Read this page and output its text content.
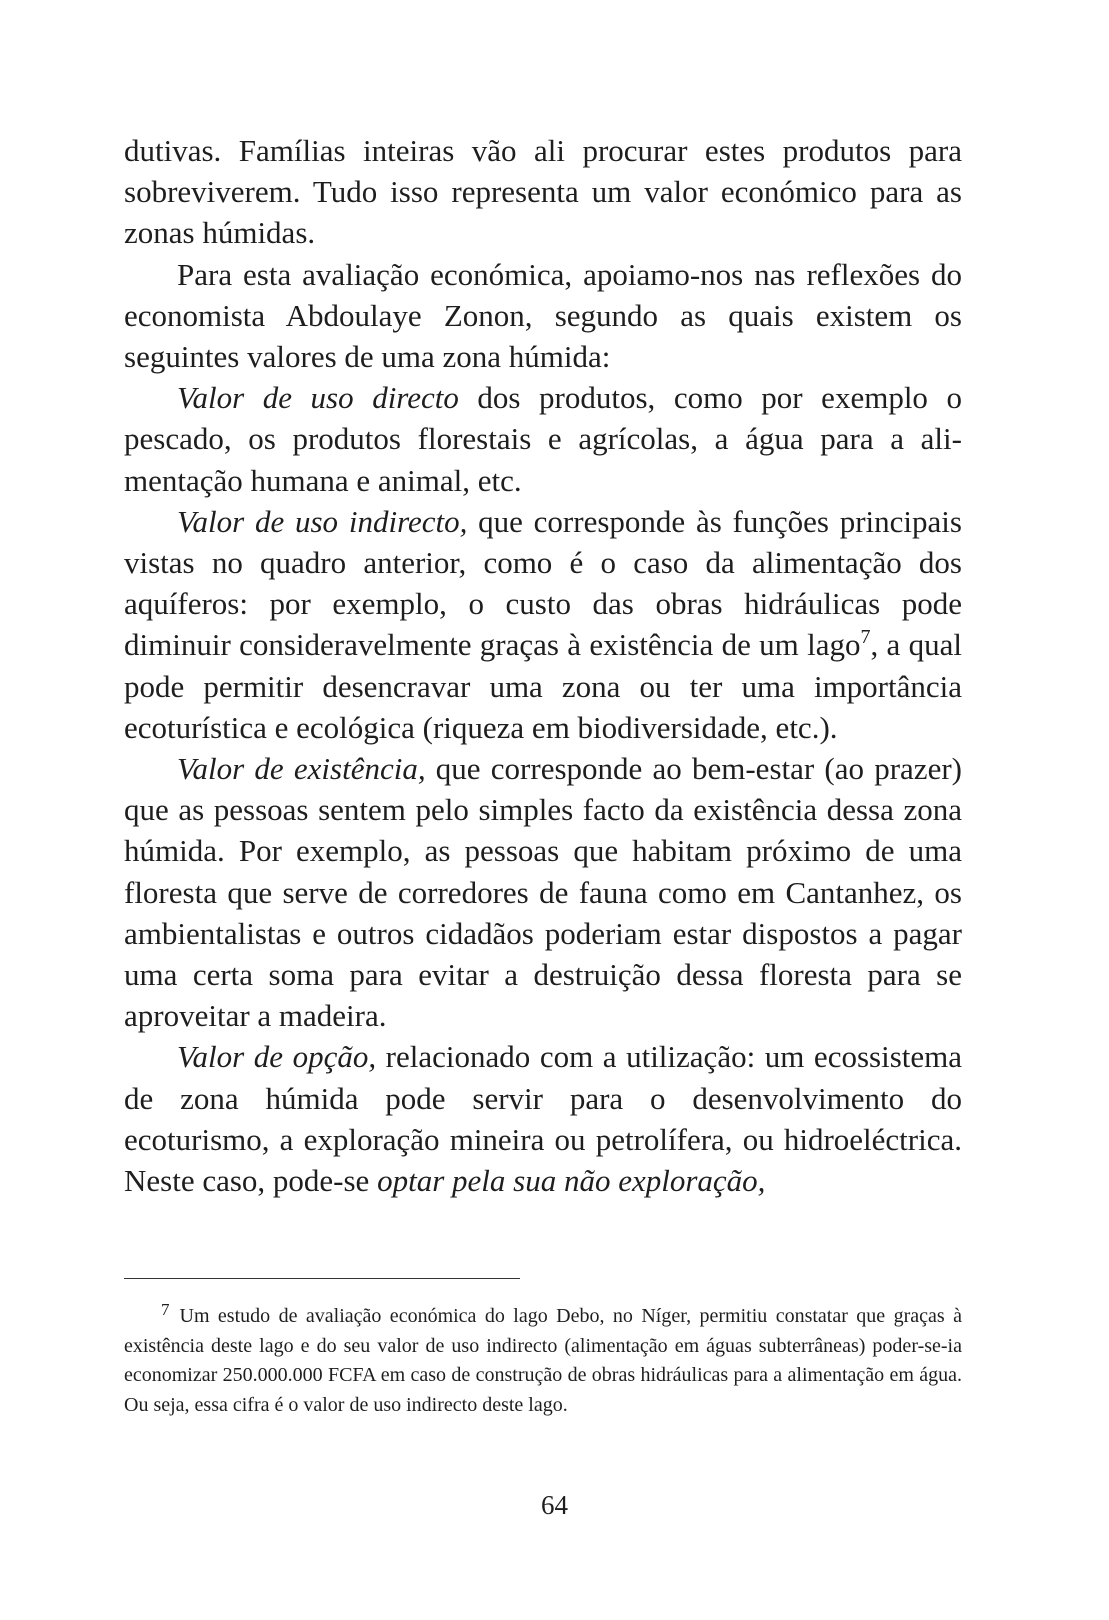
dutivas. Famílias inteiras vão ali procurar estes produtos para sobreviverem. Tudo isso representa um valor económico para as zonas húmidas.

Para esta avaliação económica, apoiamo-nos nas reflexões do economista Abdoulaye Zonon, segundo as quais existem os seguintes valores de uma zona húmida:

Valor de uso directo dos produtos, como por exemplo o pescado, os produtos florestais e agrícolas, a água para a alimentação humana e animal, etc.

Valor de uso indirecto, que corresponde às funções principais vistas no quadro anterior, como é o caso da alimentação dos aquíferos: por exemplo, o custo das obras hidráulicas pode diminuir consideravelmente graças à existência de um lago$^7$, a qual pode permitir desencravar uma zona ou ter uma importância ecoturística e ecológica (riqueza em biodiversidade, etc.).

Valor de existência, que corresponde ao bem-estar (ao prazer) que as pessoas sentem pelo simples facto da existência dessa zona húmida. Por exemplo, as pessoas que habitam próximo de uma floresta que serve de corredores de fauna como em Cantanhez, os ambientalistas e outros cidadãos poderiam estar dispostos a pagar uma certa soma para evitar a destruição dessa floresta para se aproveitar a madeira.

Valor de opção, relacionado com a utilização: um ecossistema de zona húmida pode servir para o desenvolvimento do ecoturismo, a exploração mineira ou petrolífera, ou hidroeléctrica. Neste caso, pode-se optar pela sua não exploração,

$^7$ Um estudo de avaliação económica do lago Debo, no Níger, permitiu constatar que graças à existência deste lago e do seu valor de uso indirecto (alimentação em águas subterrâneas) poder-se-ia economizar 250.000.000 FCFA em caso de construção de obras hidráulicas para a alimentação em água. Ou seja, essa cifra é o valor de uso indirecto deste lago.

64
